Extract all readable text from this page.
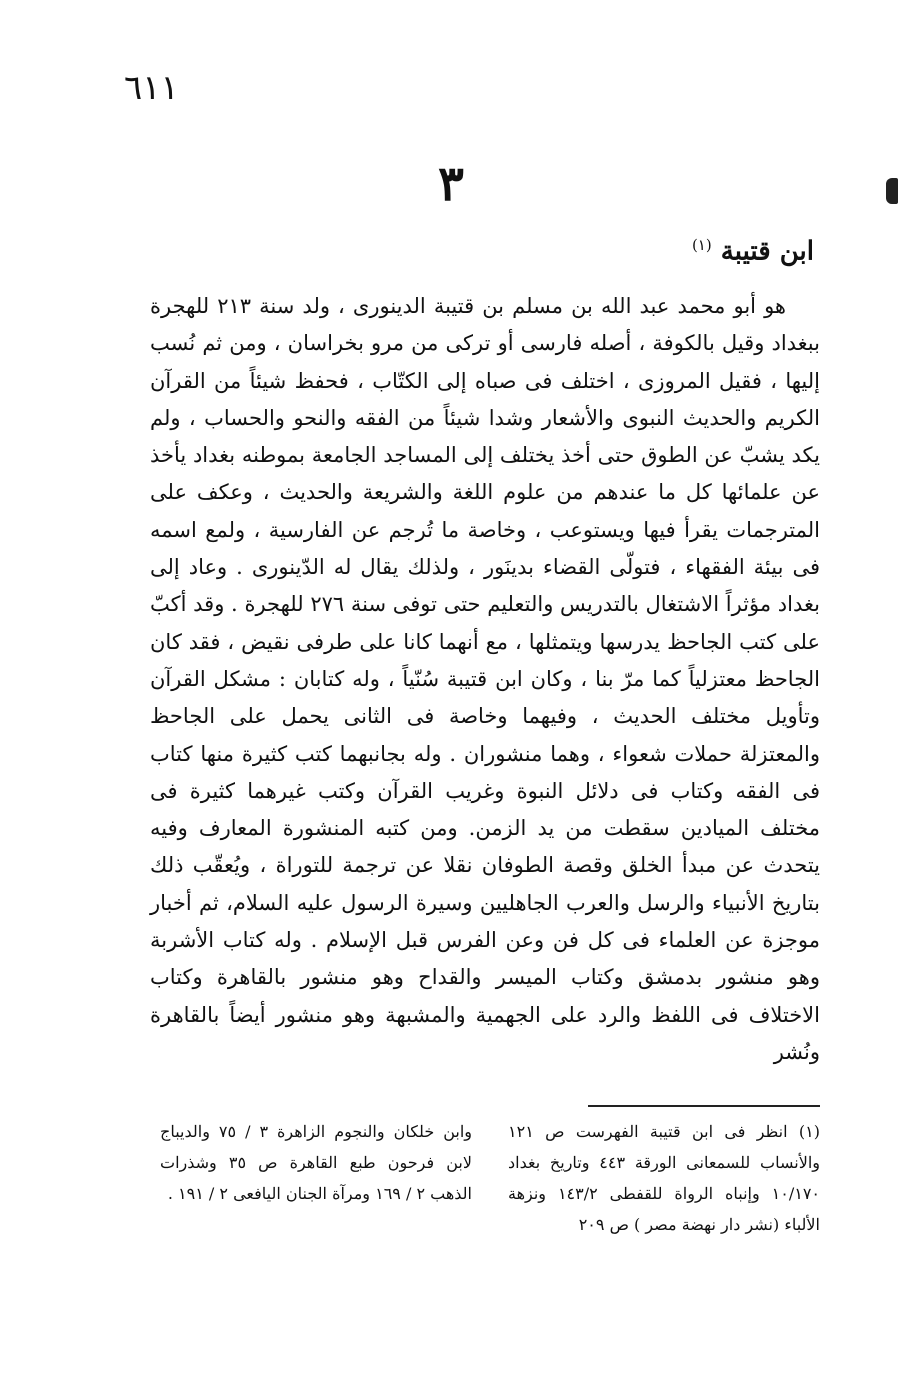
٦١١
٣
ابن قتيبة $^{(١)}$

هو أبو محمد عبد الله بن مسلم بن قتيبة الدينورى ، ولد سنة ٢١٣ للهجرة ببغداد وقيل بالكوفة ، أصله فارسى أو تركى من مرو بخراسان ، ومن ثم نُسب إليها ، فقيل المروزى ، اختلف فى صباه إلى الكتّاب ، فحفظ شيئاً من القرآن الكريم والحديث النبوى والأشعار وشدا شيئاً من الفقه والنحو والحساب ، ولم يكد يشبّ عن الطوق حتى أخذ يختلف إلى المساجد الجامعة بموطنه بغداد يأخذ عن علمائها كل ما عندهم من علوم اللغة والشريعة والحديث ، وعكف على المترجمات يقرأ فيها ويستوعب ، وخاصة ما تُرجم عن الفارسية ، ولمع اسمه فى بيئة الفقهاء ، فتولّى القضاء بدينَور ، ولذلك يقال له الدّينورى . وعاد إلى بغداد مؤثراً الاشتغال بالتدريس والتعليم حتى توفى سنة ٢٧٦ للهجرة . وقد أكبّ على كتب الجاحظ يدرسها ويتمثلها ، مع أنهما كانا على طرفى نقيض ، فقد كان الجاحظ معتزلياً كما مرّ بنا ، وكان ابن قتيبة سُنّياً ، وله كتابان : مشكل القرآن وتأويل مختلف الحديث ، وفيهما وخاصة فى الثانى يحمل على الجاحظ والمعتزلة حملات شعواء ، وهما منشوران . وله بجانبهما كتب كثيرة منها كتاب فى الفقه وكتاب فى دلائل النبوة وغريب القرآن وكتب غيرهما كثيرة فى مختلف الميادين سقطت من يد الزمن. ومن كتبه المنشورة المعارف وفيه يتحدث عن مبدأ الخلق وقصة الطوفان نقلا عن ترجمة للتوراة ، ويُعقّب ذلك بتاريخ الأنبياء والرسل والعرب الجاهليين وسيرة الرسول عليه السلام، ثم أخبار موجزة عن العلماء فى كل فن وعن الفرس قبل الإسلام . وله كتاب الأشربة وهو منشور بدمشق وكتاب الميسر والقداح وهو منشور بالقاهرة وكتاب الاختلاف فى اللفظ والرد على الجهمية والمشبهة وهو منشور أيضاً بالقاهرة ونُشر

(١) انظر فى ابن قتيبة الفهرست ص ١٢١ والأنساب للسمعانى الورقة ٤٤٣ وتاريخ بغداد ١٠/١٧٠ وإنباه الرواة للقفطى ١٤٣/٢ ونزهة الألباء (نشر دار نهضة مصر ) ص ٢٠٩
وابن خلكان والنجوم الزاهرة ٣ / ٧٥ والديباج لابن فرحون طبع القاهرة ص ٣٥ وشذرات الذهب ٢ / ١٦٩ ومرآة الجنان اليافعى ٢ / ١٩١ .
